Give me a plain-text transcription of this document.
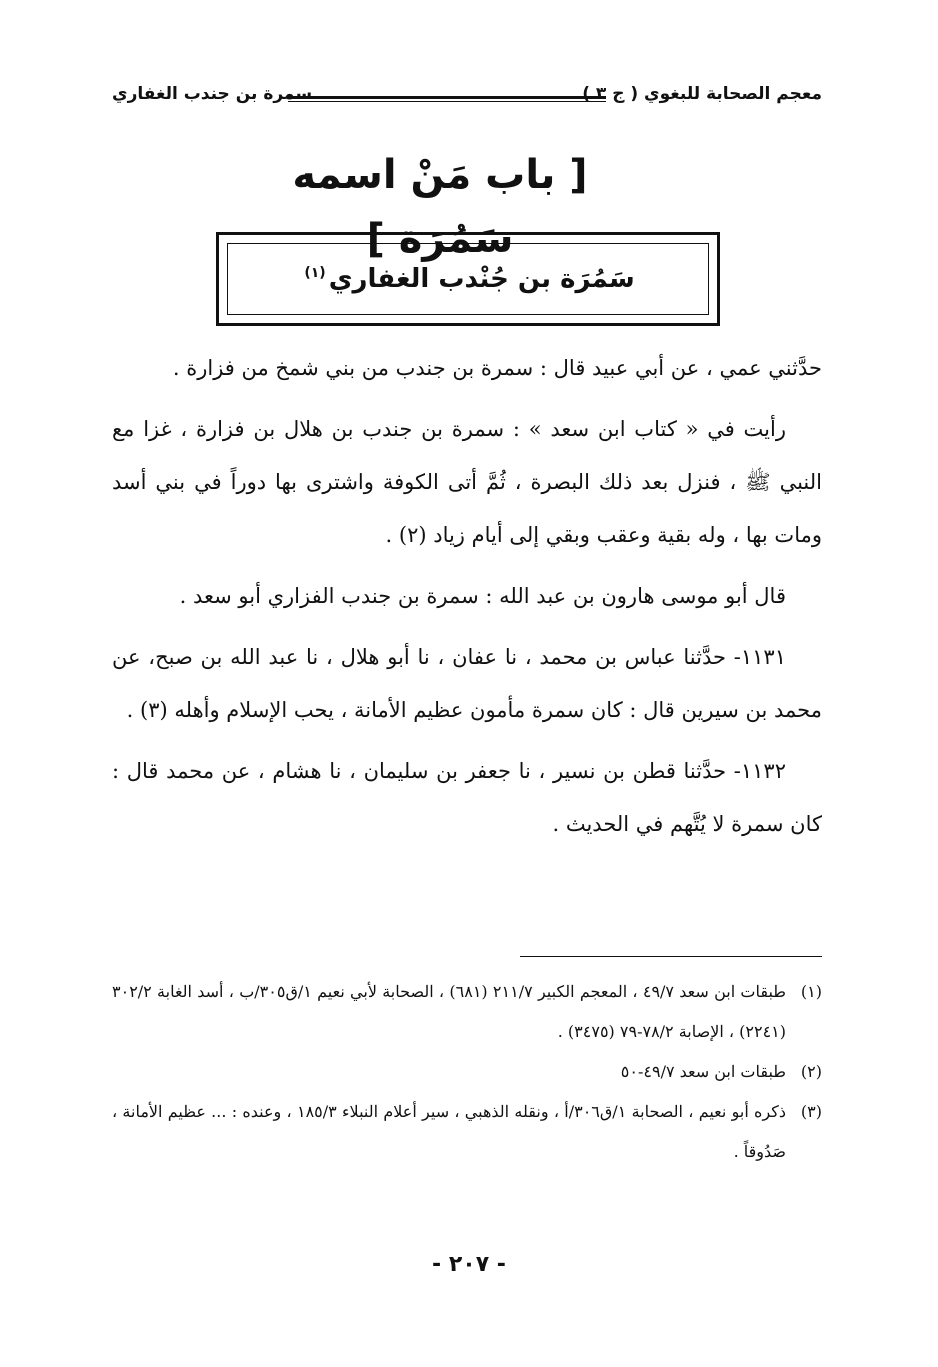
معجم الصحابة للبغوي ( ج ٣ )
سمرة بن جندب الغفاري
[ باب مَنْ اسمه سَمُرَة ]
سَمُرَة بن جُنْدب الغفاري$^{(١)}$

حدَّثني عمي ، عن أبي عبيد قال : سمرة بن جندب من بني شمخ من فزارة .

رأيت في « كتاب ابن سعد » : سمرة بن جندب بن هلال بن فزارة ، غزا مع النبي ﷺ ، فنزل بعد ذلك البصرة ، ثُمَّ أتى الكوفة واشترى بها دوراً في بني أسد ومات بها ، وله بقية وعقب وبقي إلى أيام زياد (٢) .

قال أبو موسى هارون بن عبد الله : سمرة بن جندب الفزاري أبو سعد .

١١٣١- حدَّثنا عباس بن محمد ، نا عفان ، نا أبو هلال ، نا عبد الله بن صبح، عن محمد بن سيرين قال : كان سمرة مأمون عظيم الأمانة ، يحب الإسلام وأهله (٣) .

١١٣٢- حدَّثنا قطن بن نسير ، نا جعفر بن سليمان ، نا هشام ، عن محمد قال : كان سمرة لا يُتَّهم في الحديث .

(١)
طبقات ابن سعد ٤٩/٧ ، المعجم الكبير ٢١١/٧ (٦٨١) ، الصحابة لأبي نعيم ١/ق٣٠٥/ب ، أسد الغابة ٣٠٢/٢ (٢٢٤١) ، الإصابة ٧٨/٢-٧٩ (٣٤٧٥) .
(٢)
طبقات ابن سعد ٤٩/٧-٥٠
(٣)
ذكره أبو نعيم ، الصحابة ١/ق٣٠٦/أ ، ونقله الذهبي ، سير أعلام النبلاء ١٨٥/٣ ، وعنده : ... عظيم الأمانة ، صَدُوقاً .
- ٢٠٧ -
